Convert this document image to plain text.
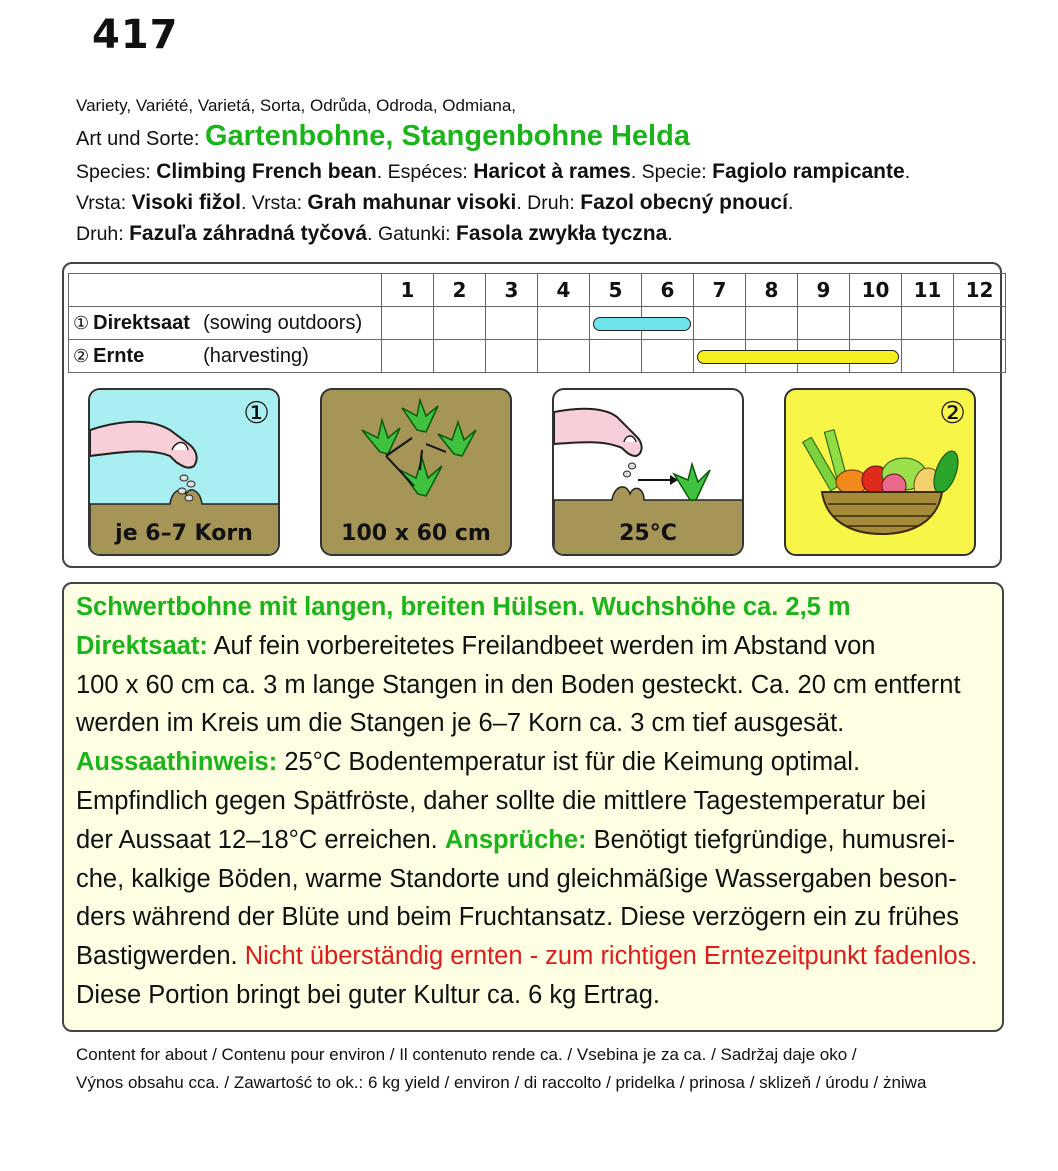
417
Variety, Variété, Varietá, Sorta, Odrůda, Odroda, Odmiana,
Art und Sorte: Gartenbohne, Stangenbohne Helda
Species: Climbing French bean. Espéces: Haricot à rames. Specie: Fagiolo rampicante.
Vrsta: Visoki fižol. Vrsta: Grah mahunar visoki. Druh: Fazol obecný pnoucí.
Druh: Fazuľa záhradná tyčová. Gatunki: Fasola zwykła tyczna.
	1	2	3	4	5	6	7	8	9	10	11	12
① Direktsaat (sowing outdoors)					

② Ernte (harvesting)							

①
je 6–7 Korn	100 x 60 cm	25°C
②
Schwertbohne mit langen, breiten Hülsen. Wuchshöhe ca. 2,5 m
Direktsaat: Auf fein vorbereitetes Freilandbeet werden im Abstand von
100 x 60 cm ca. 3 m lange Stangen in den Boden gesteckt. Ca. 20 cm entfernt
werden im Kreis um die Stangen je 6–7 Korn ca. 3 cm tief ausgesät.
Aussaathinweis: 25°C Bodentemperatur ist für die Keimung optimal.
Empfindlich gegen Spätfröste, daher sollte die mittlere Tagestemperatur bei
der Aussaat 12–18°C erreichen. Ansprüche: Benötigt tiefgründige, humusrei-
che, kalkige Böden, warme Standorte und gleichmäßige Wassergaben beson-
ders während der Blüte und beim Fruchtansatz. Diese verzögern ein zu frühes
Bastigwerden. Nicht überständig ernten - zum richtigen Erntezeitpunkt fadenlos.
Diese Portion bringt bei guter Kultur ca. 6 kg Ertrag.
Content for about / Contenu pour environ / Il contenuto rende ca. / Vsebina je za ca. / Sadržaj daje oko /
Výnos obsahu cca. / Zawartość to ok.: 6 kg yield / environ / di raccolto / pridelka / prinosa / sklizeň / úrodu / żniwa
